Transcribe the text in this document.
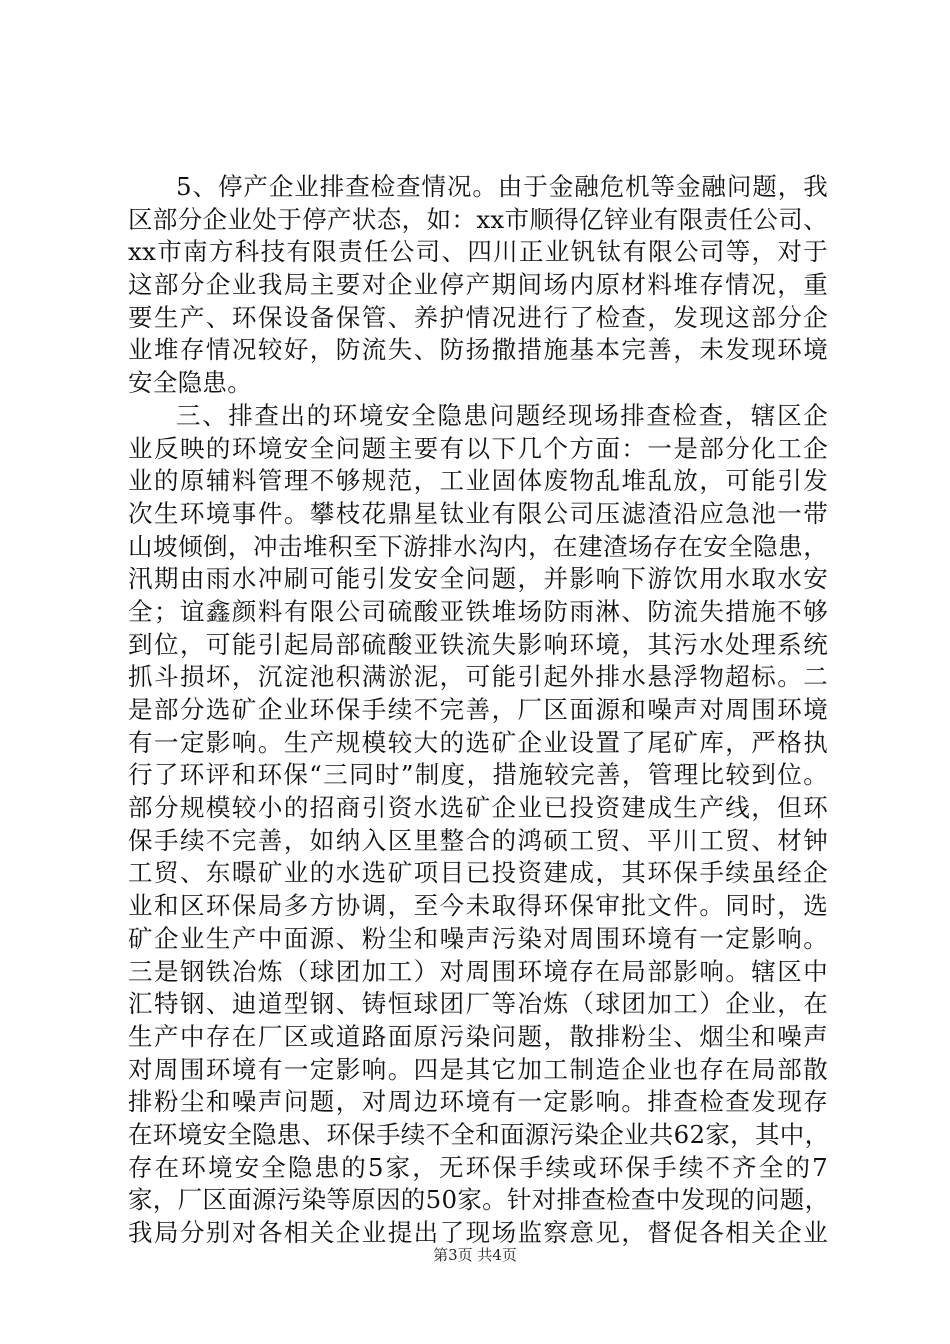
5、停产企业排查检查情况。由于金融危机等金融问题，我
区部分企业处于停产状态，如：xx市顺得亿锌业有限责任公司、
xx市南方科技有限责任公司、四川正业钒钛有限公司等，对于
这部分企业我局主要对企业停产期间场内原材料堆存情况，重
要生产、环保设备保管、养护情况进行了检查，发现这部分企
业堆存情况较好，防流失、防扬撒措施基本完善，未发现环境
安全隐患。
三、排查出的环境安全隐患问题经现场排查检查，辖区企
业反映的环境安全问题主要有以下几个方面：一是部分化工企
业的原辅料管理不够规范，工业固体废物乱堆乱放，可能引发
次生环境事件。攀枝花鼎星钛业有限公司压滤渣沿应急池一带
山坡倾倒，冲击堆积至下游排水沟内，在建渣场存在安全隐患，
汛期由雨水冲刷可能引发安全问题，并影响下游饮用水取水安
全；谊鑫颜料有限公司硫酸亚铁堆场防雨淋、防流失措施不够
到位，可能引起局部硫酸亚铁流失影响环境，其污水处理系统
抓斗损坏，沉淀池积满淤泥，可能引起外排水悬浮物超标。二
是部分选矿企业环保手续不完善，厂区面源和噪声对周围环境
有一定影响。生产规模较大的选矿企业设置了尾矿库，严格执
行了环评和环保“三同时”制度，措施较完善，管理比较到位。
部分规模较小的招商引资水选矿企业已投资建成生产线，但环
保手续不完善，如纳入区里整合的鸿硕工贸、平川工贸、材钟
工贸、东暻矿业的水选矿项目已投资建成，其环保手续虽经企
业和区环保局多方协调，至今未取得环保审批文件。同时，选
矿企业生产中面源、粉尘和噪声污染对周围环境有一定影响。
三是钢铁冶炼（球团加工）对周围环境存在局部影响。辖区中
汇特钢、迪道型钢、铸恒球团厂等冶炼（球团加工）企业，在
生产中存在厂区或道路面原污染问题，散排粉尘、烟尘和噪声
对周围环境有一定影响。四是其它加工制造企业也存在局部散
排粉尘和噪声问题，对周边环境有一定影响。排查检查发现存
在环境安全隐患、环保手续不全和面源污染企业共62家，其中，
存在环境安全隐患的5家，无环保手续或环保手续不齐全的7
家，厂区面源污染等原因的50家。针对排查检查中发现的问题，
我局分别对各相关企业提出了现场监察意见，督促各相关企业
第3页 共4页
